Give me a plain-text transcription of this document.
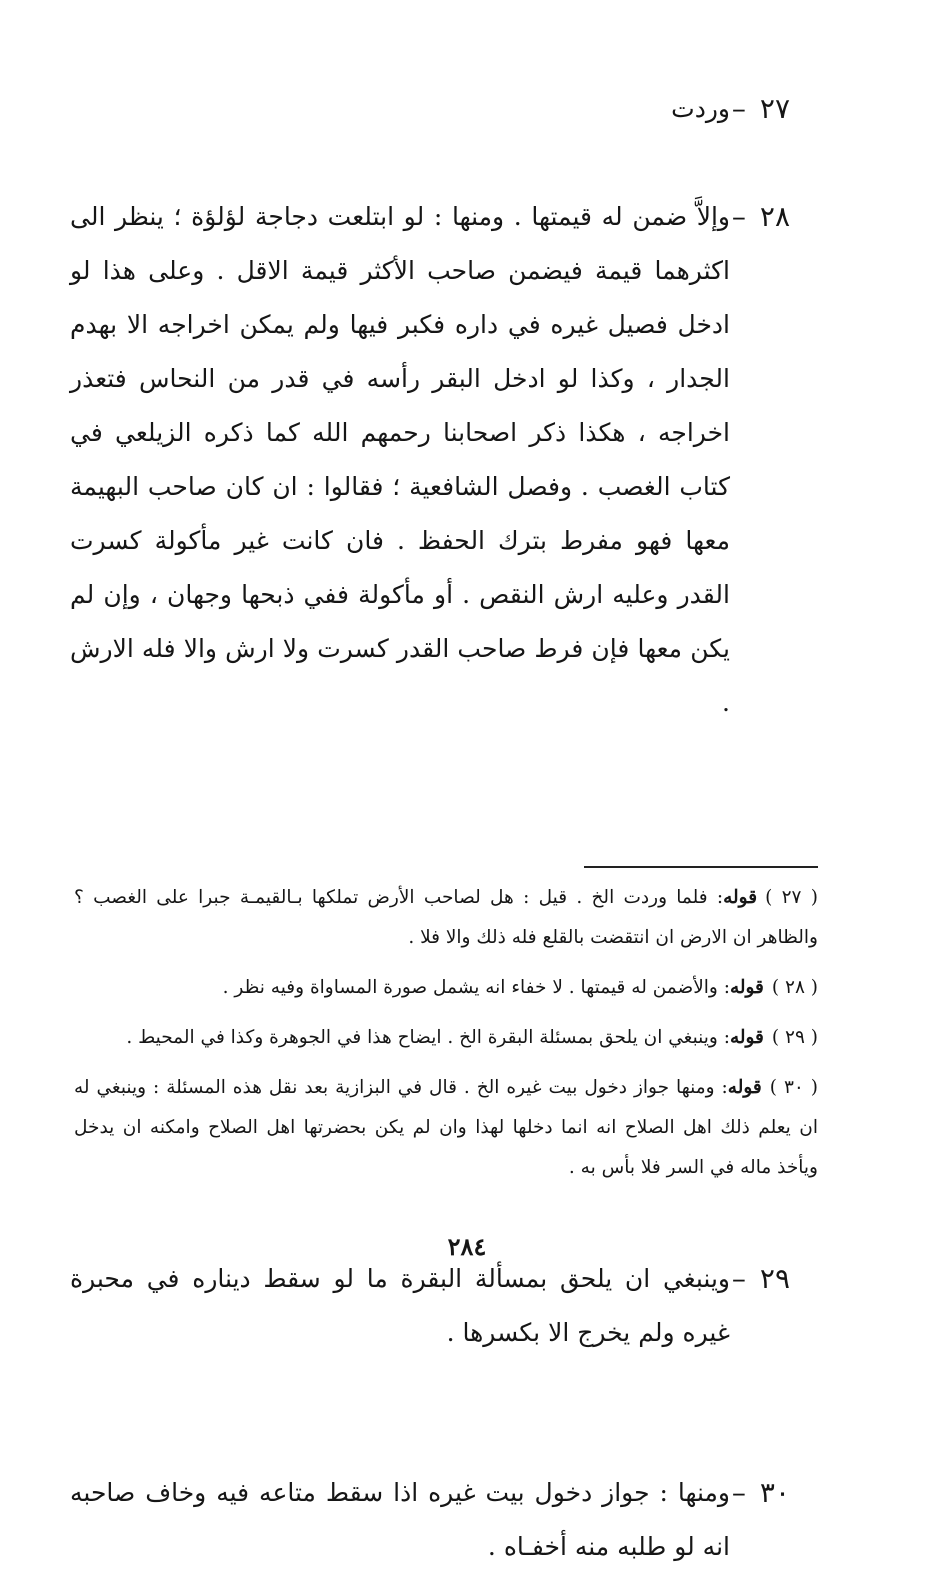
٢٧–
وردت
٢٨–
وإلاَّ ضمن له قيمتها . ومنها : لو ابتلعت دجاجة لؤلؤة ؛ ينظر الى اكثرهما قيمة فيضمن صاحب الأكثر قيمة الاقل . وعلى هذا لو ادخل فصيل غيره في داره فكبر فيها ولم يمكن اخراجه الا بهدم الجدار ، وكذا لو ادخل البقر رأسه في قدر من النحاس فتعذر اخراجه ، هكذا ذكر اصحابنا رحمهم الله كما ذكره الزيلعي في كتاب الغصب . وفصل الشافعية ؛ فقالوا : ان كان صاحب البهيمة معها فهو مفرط بترك الحفظ . فان كانت غير مأكولة كسرت القدر وعليه ارش النقص . أو مأكولة ففي ذبحها وجهان ، وإن لم يكن معها فإن فرط صاحب القدر كسرت ولا ارش والا فله الارش .
٢٩–
وينبغي ان يلحق بمسألة البقرة ما لو سقط ديناره في محبرة غيره ولم يخرج الا بكسرها .
٣٠–
ومنها : جواز دخول بيت غيره اذا سقط متاعه فيه وخاف صاحبه انه لو طلبه منه أخفـاه .

( ٢٧ )قوله: فلما وردت الخ . قيل : هل لصاحب الأرض تملكها بـالقيمـة جبرا على الغصب ؟ والظاهر ان الارض ان انتقضت بالقلع فله ذلك والا فلا .

( ٢٨ )قوله: والأضمن له قيمتها . لا خفاء انه يشمل صورة المساواة وفيه نظر .

( ٢٩ )قوله: وينبغي ان يلحق بمسئلة البقرة الخ . ايضاح هذا في الجوهرة وكذا في المحيط .

( ٣٠ )قوله: ومنها جواز دخول بيت غيره الخ . قال في البزازية بعد نقل هذه المسئلة : وينبغي له ان يعلم ذلك اهل الصلاح انه انما دخلها لهذا وان لم يكن بحضرتها اهل الصلاح وامكنه ان يدخل ويأخذ ماله في السر فلا بأس به .

٢٨٤
